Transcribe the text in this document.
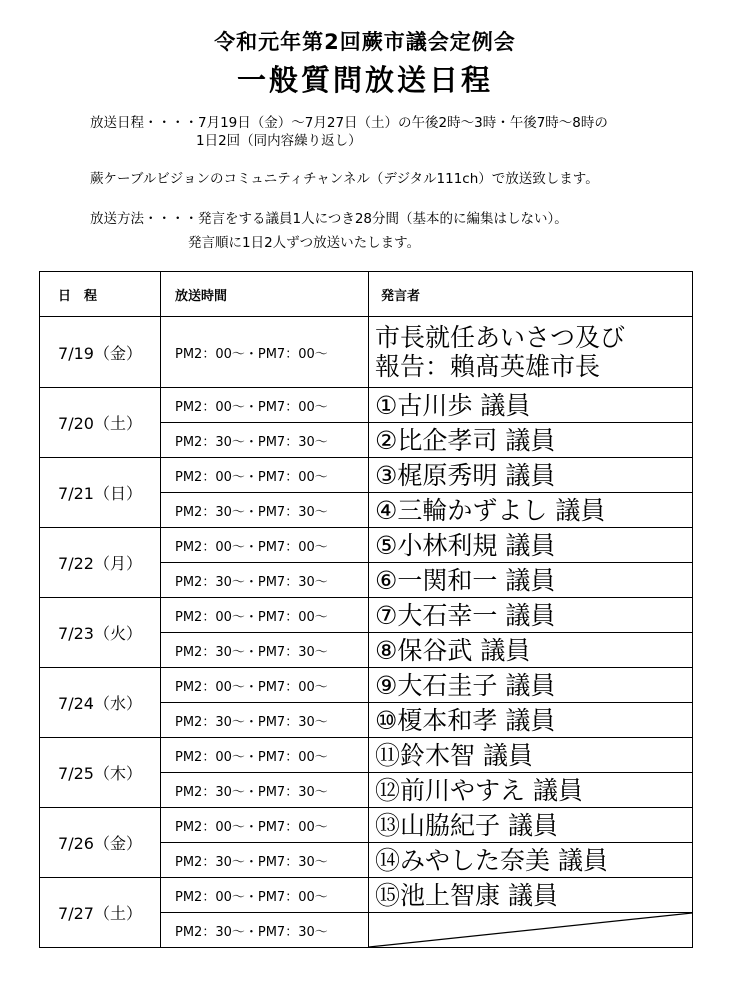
令和元年第2回蕨市議会定例会
一般質問放送日程
放送日程・・・・7月19日（金）～7月27日（土）の午後2時～3時・午後7時～8時の
1日2回（同内容繰り返し）
蕨ケーブルビジョンのコミュニティチャンネル（デジタル111ch）で放送致します。
放送方法・・・・発言をする議員1人につき28分間（基本的に編集はしない）。
発言順に1日2人ずつ放送いたします。
日　程	放送時間	発言者
7/19（金）	PM2：00～・PM7：00～	市長就任あいさつ及び
報告：賴髙英雄市長
7/20（土）	PM2：00～・PM7：00～	①古川歩 議員
	PM2：30～・PM7：30～	②比企孝司 議員
7/21（日）	PM2：00～・PM7：00～	③梶原秀明 議員
	PM2：30～・PM7：30～	④三輪かずよし 議員
7/22（月）	PM2：00～・PM7：00～	⑤小林利規 議員
	PM2：30～・PM7：30～	⑥一関和一 議員
7/23（火）	PM2：00～・PM7：00～	⑦大石幸一 議員
	PM2：30～・PM7：30～	⑧保谷武 議員
7/24（水）	PM2：00～・PM7：00～	⑨大石圭子 議員
	PM2：30～・PM7：30～	⑩榎本和孝 議員
7/25（木）	PM2：00～・PM7：00～	⑪鈴木智 議員
	PM2：30～・PM7：30～	⑫前川やすえ 議員
7/26（金）	PM2：00～・PM7：00～	⑬山脇紀子 議員
	PM2：30～・PM7：30～	⑭みやした奈美 議員
7/27（土）	PM2：00～・PM7：00～	⑮池上智康 議員
	PM2：30～・PM7：30～	
